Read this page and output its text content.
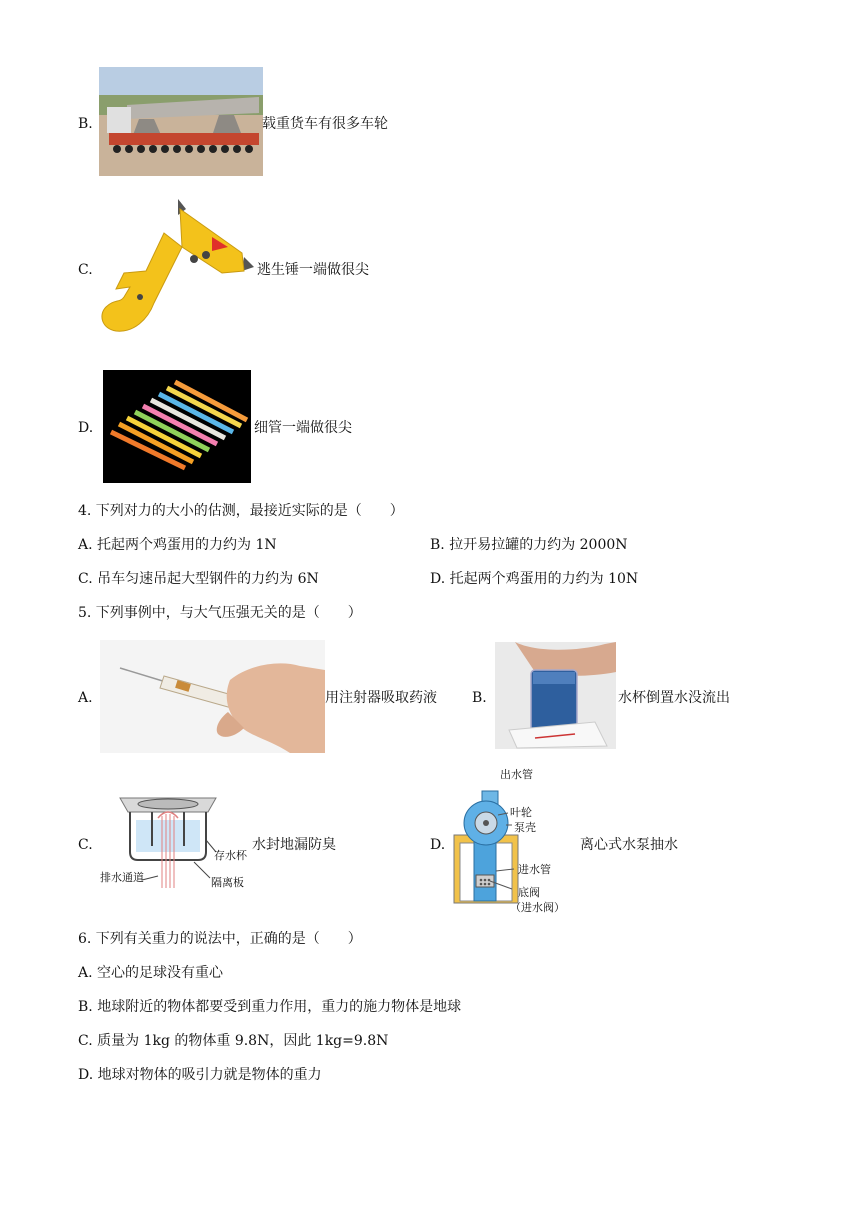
B.	载重货车有很多车轮
C.	逃生锤一端做很尖
D.	细管一端做很尖
4. 下列对力的大小的估测，最接近实际的是（　　）
A. 托起两个鸡蛋用的力约为 1N	B. 拉开易拉罐的力约为 2000N
C. 吊车匀速吊起大型钢件的力约为 6N	D. 托起两个鸡蛋用的力约为 10N
5. 下列事例中，与大气压强无关的是（　　）
A.	用注射器吸取药液	B.	水杯倒置水没流出
C.
存水杯
排水通道	隔离板
水封地漏防臭	D.
出水管
叶轮
泵壳
进水管
底阀
（进水阀）
离心式水泵抽水
6. 下列有关重力的说法中，正确的是（　　）
A. 空心的足球没有重心
B. 地球附近的物体都要受到重力作用，重力的施力物体是地球
C. 质量为 1kg 的物体重 9.8N，因此 1kg=9.8N
D. 地球对物体的吸引力就是物体的重力
